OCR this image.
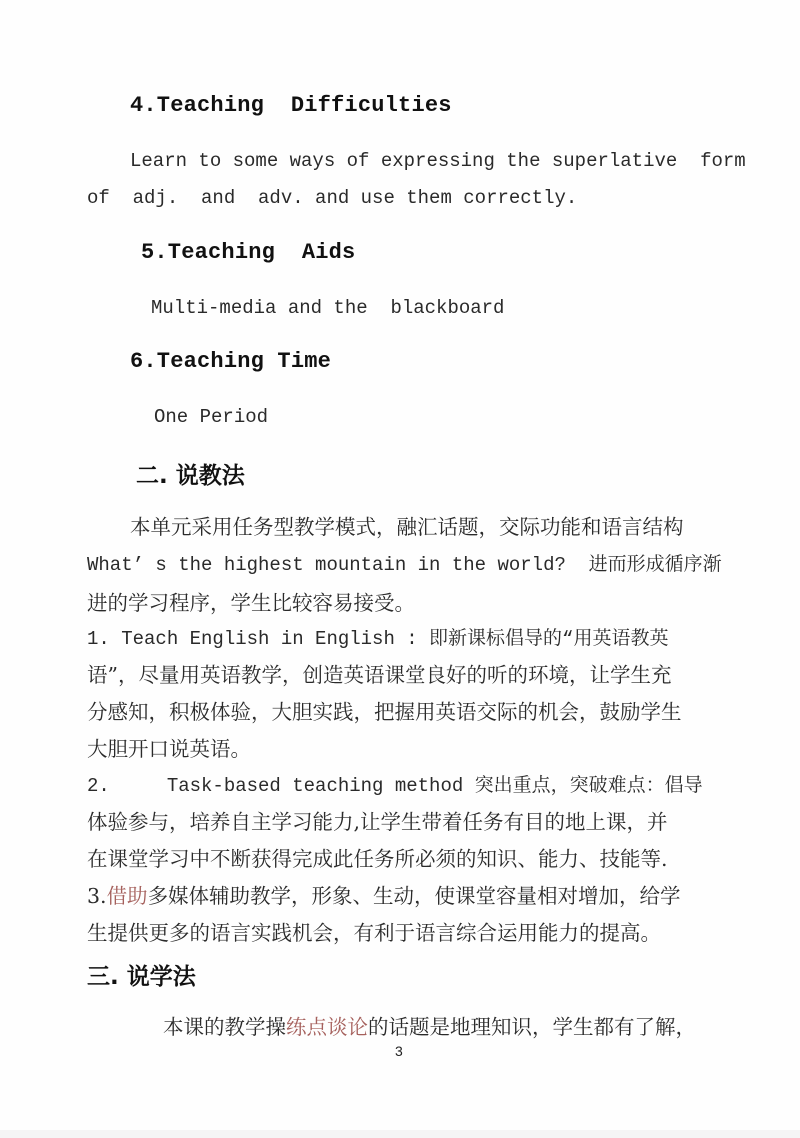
4.Teaching  Difficulties
Learn to some ways of expressing the superlative  form
of  adj.  and  adv. and use them correctly.
5.Teaching  Aids
Multi-media and the  blackboard
6.Teaching Time
One Period
二. 说教法
本单元采用任务型教学模式，融汇话题，交际功能和语言结构
What’ s the highest mountain in the world?  进而形成循序渐
进的学习程序，学生比较容易接受。
1. Teach English in English : 即新课标倡导的“用英语教英
语”，尽量用英语教学，创造英语课堂良好的听的环境，让学生充
分感知，积极体验，大胆实践，把握用英语交际的机会，鼓励学生
大胆开口说英语。
2.     Task-based teaching method 突出重点，突破难点：倡导
体验参与，培养自主学习能力,让学生带着任务有目的地上课，并
在课堂学习中不断获得完成此任务所必须的知识、能力、技能等.
3.借助多媒体辅助教学，形象、生动，使课堂容量相对增加，给学
生提供更多的语言实践机会，有利于语言综合运用能力的提高。
三. 说学法
本课的教学操练点谈论的话题是地理知识，学生都有了解，
3
